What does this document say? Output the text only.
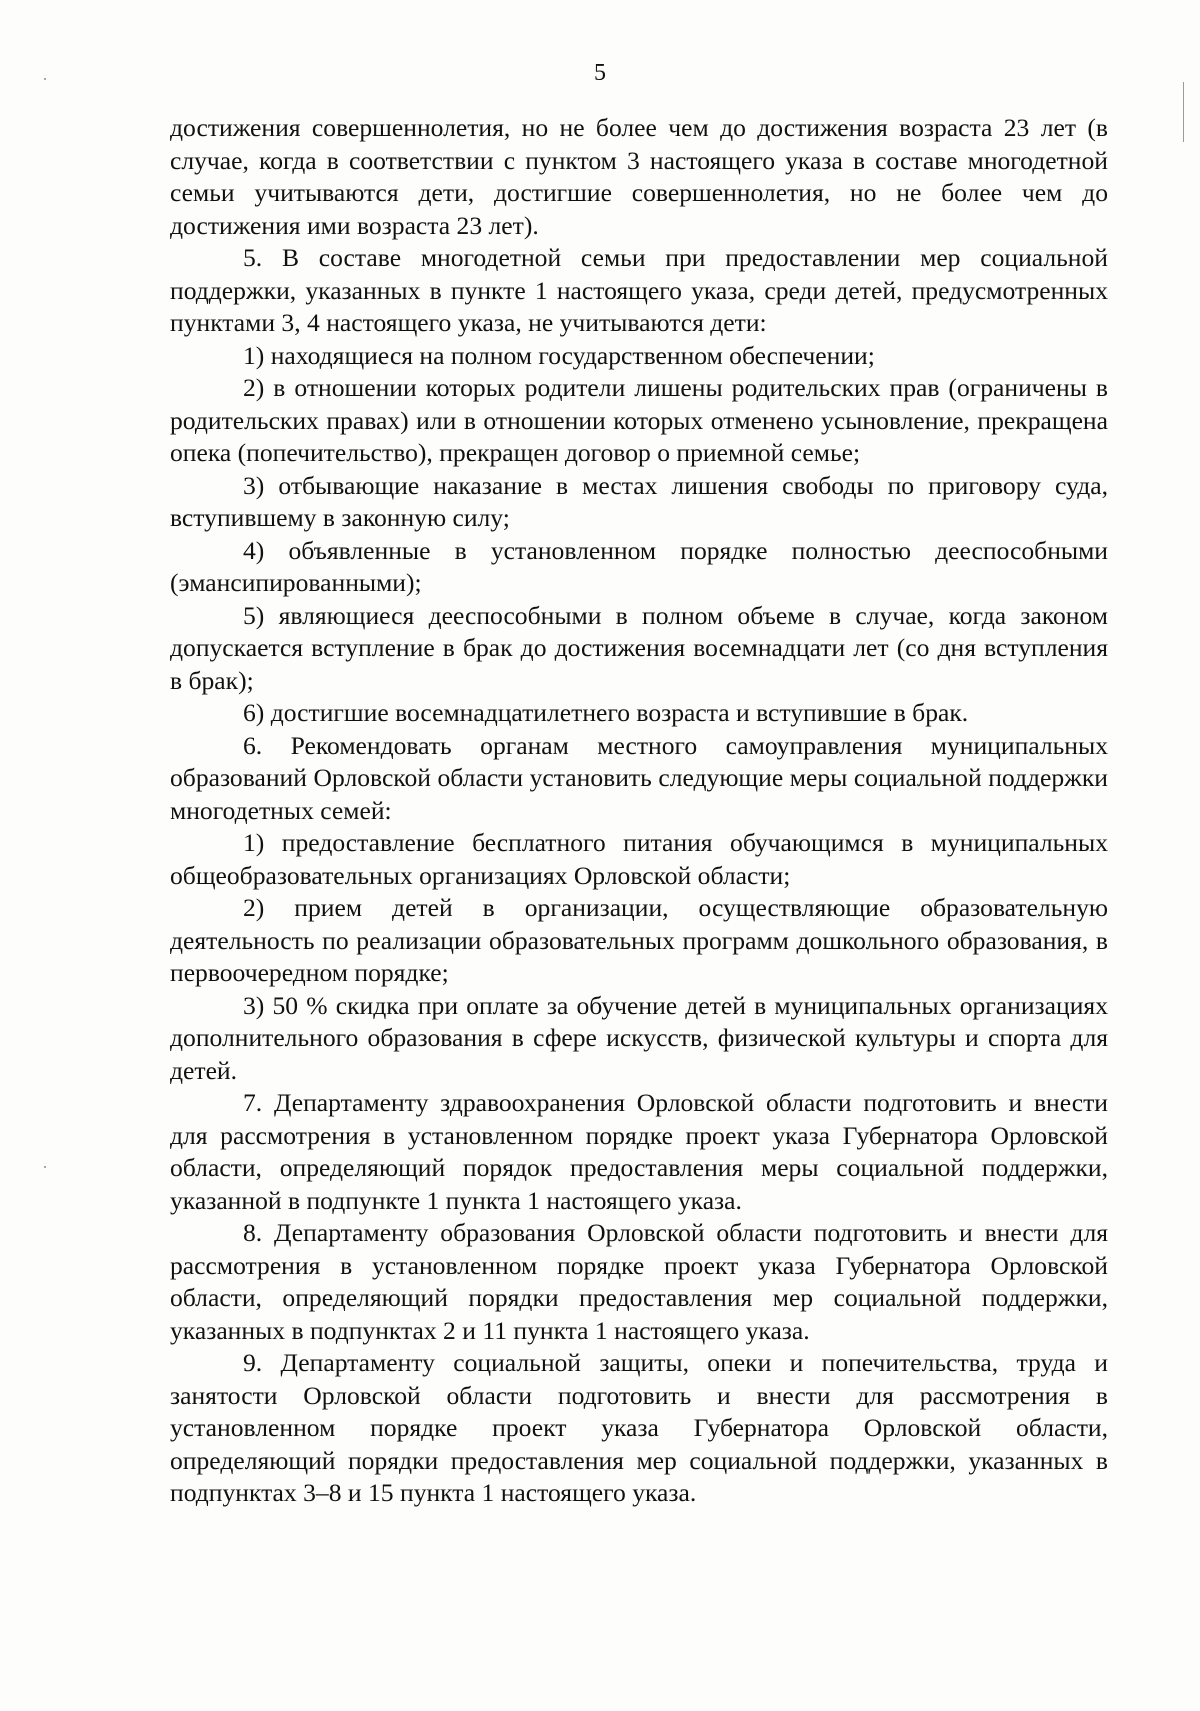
5

достижения совершеннолетия, но не более чем до достижения возраста 23 лет (в случае, когда в соответствии с пунктом 3 настоящего указа в составе многодетной семьи учитываются дети, достигшие совершеннолетия, но не более чем до достижения ими возраста 23 лет).

5. В составе многодетной семьи при предоставлении мер социальной поддержки, указанных в пункте 1 настоящего указа, среди детей, предусмотренных пунктами 3, 4 настоящего указа, не учитываются дети:

1) находящиеся на полном государственном обеспечении;

2) в отношении которых родители лишены родительских прав (ограничены в родительских правах) или в отношении которых отменено усыновление, прекращена опека (попечительство), прекращен договор о приемной семье;

3) отбывающие наказание в местах лишения свободы по приговору суда, вступившему в законную силу;

4) объявленные в установленном порядке полностью дееспособными (эмансипированными);

5) являющиеся дееспособными в полном объеме в случае, когда законом допускается вступление в брак до достижения восемнадцати лет (со дня вступления в брак);

6) достигшие восемнадцатилетнего возраста и вступившие в брак.

6. Рекомендовать органам местного самоуправления муниципальных образований Орловской области установить следующие меры социальной поддержки многодетных семей:

1) предоставление бесплатного питания обучающимся в муниципальных общеобразовательных организациях Орловской области;

2) прием детей в организации, осуществляющие образовательную деятельность по реализации образовательных программ дошкольного образования, в первоочередном порядке;

3) 50 % скидка при оплате за обучение детей в муниципальных организациях дополнительного образования в сфере искусств, физической культуры и спорта для детей.

7. Департаменту здравоохранения Орловской области подготовить и внести для рассмотрения в установленном порядке проект указа Губернатора Орловской области, определяющий порядок предоставления меры социальной поддержки, указанной в подпункте 1 пункта 1 настоящего указа.

8. Департаменту образования Орловской области подготовить и внести для рассмотрения в установленном порядке проект указа Губернатора Орловской области, определяющий порядки предоставления мер социальной поддержки, указанных в подпунктах 2 и 11 пункта 1 настоящего указа.

9. Департаменту социальной защиты, опеки и попечительства, труда и занятости Орловской области подготовить и внести для рассмотрения в установленном порядке проект указа Губернатора Орловской области, определяющий порядки предоставления мер социальной поддержки, указанных в подпунктах 3–8 и 15 пункта 1 настоящего указа.
